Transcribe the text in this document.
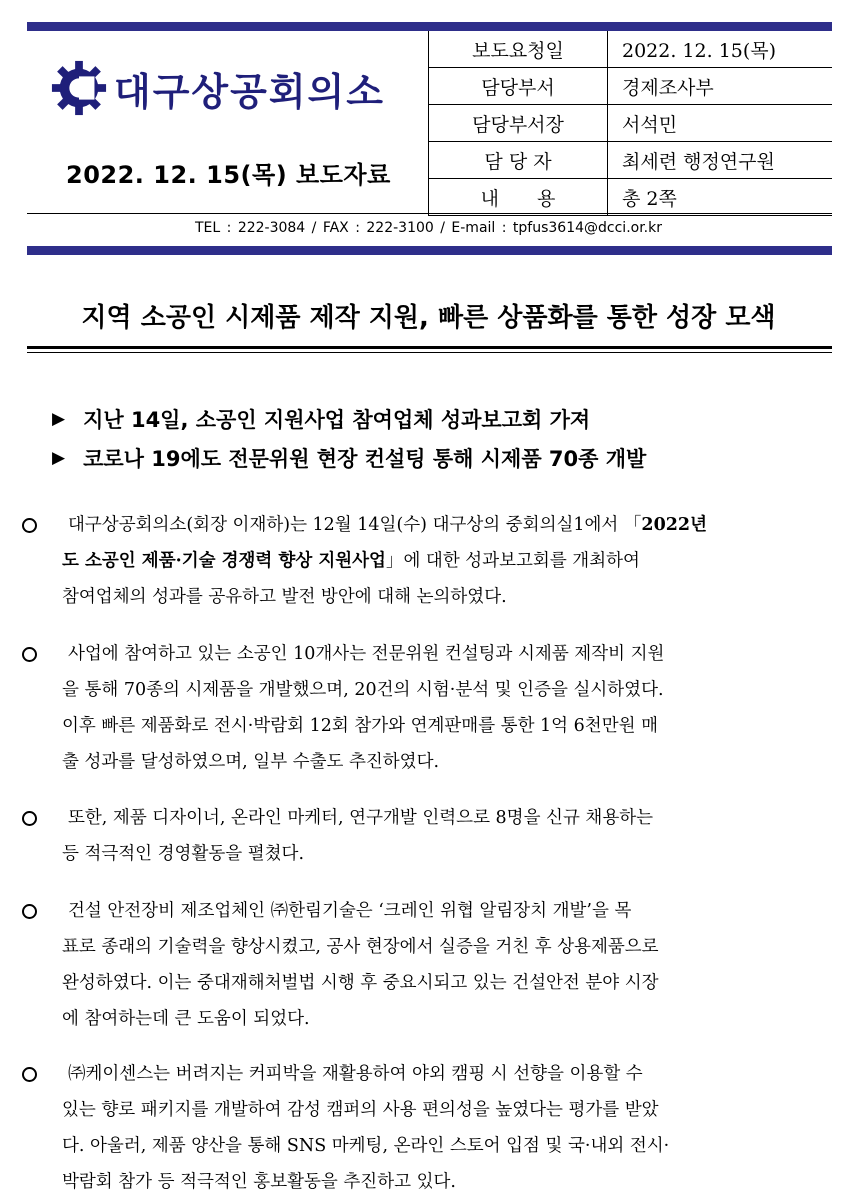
대구상공회의소
2022. 12. 15(목) 보도자료
보도요청일	2022. 12. 15(목)
담당부서	경제조사부
담당부서장	서석민
담 당 자	최세련 행정연구원
내　　용	총 2쪽
TEL : 222-3084 / FAX : 222-3100 / E-mail : tpfus3614@dcci.or.kr
지역 소공인 시제품 제작 지원, 빠른 상품화를 통한 성장 모색
▶ 지난 14일, 소공인 지원사업 참여업체 성과보고회 가져
▶ 코로나 19에도 전문위원 현장 컨설팅 통해 시제품 70종 개발
대구상공회의소(회장 이재하)는 12월 14일(수) 대구상의 중회의실1에서 「2022년
도 소공인 제품·기술 경쟁력 향상 지원사업」에 대한 성과보고회를 개최하여
참여업체의 성과를 공유하고 발전 방안에 대해 논의하였다.
사업에 참여하고 있는 소공인 10개사는 전문위원 컨설팅과 시제품 제작비 지원
을 통해 70종의 시제품을 개발했으며, 20건의 시험·분석 및 인증을 실시하였다.
이후 빠른 제품화로 전시·박람회 12회 참가와 연계판매를 통한 1억 6천만원 매
출 성과를 달성하였으며, 일부 수출도 추진하였다.
또한, 제품 디자이너, 온라인 마케터, 연구개발 인력으로 8명을 신규 채용하는
등 적극적인 경영활동을 펼쳤다.
건설 안전장비 제조업체인 ㈜한림기술은 ‘크레인 위협 알림장치 개발’을 목
표로 종래의 기술력을 향상시켰고, 공사 현장에서 실증을 거친 후 상용제품으로
완성하였다. 이는 중대재해처벌법 시행 후 중요시되고 있는 건설안전 분야 시장
에 참여하는데 큰 도움이 되었다.
㈜케이센스는 버려지는 커피박을 재활용하여 야외 캠핑 시 선향을 이용할 수
있는 향로 패키지를 개발하여 감성 캠퍼의 사용 편의성을 높였다는 평가를 받았
다. 아울러, 제품 양산을 통해 SNS 마케팅, 온라인 스토어 입점 및 국·내외 전시·
박람회 참가 등 적극적인 홍보활동을 추진하고 있다.
